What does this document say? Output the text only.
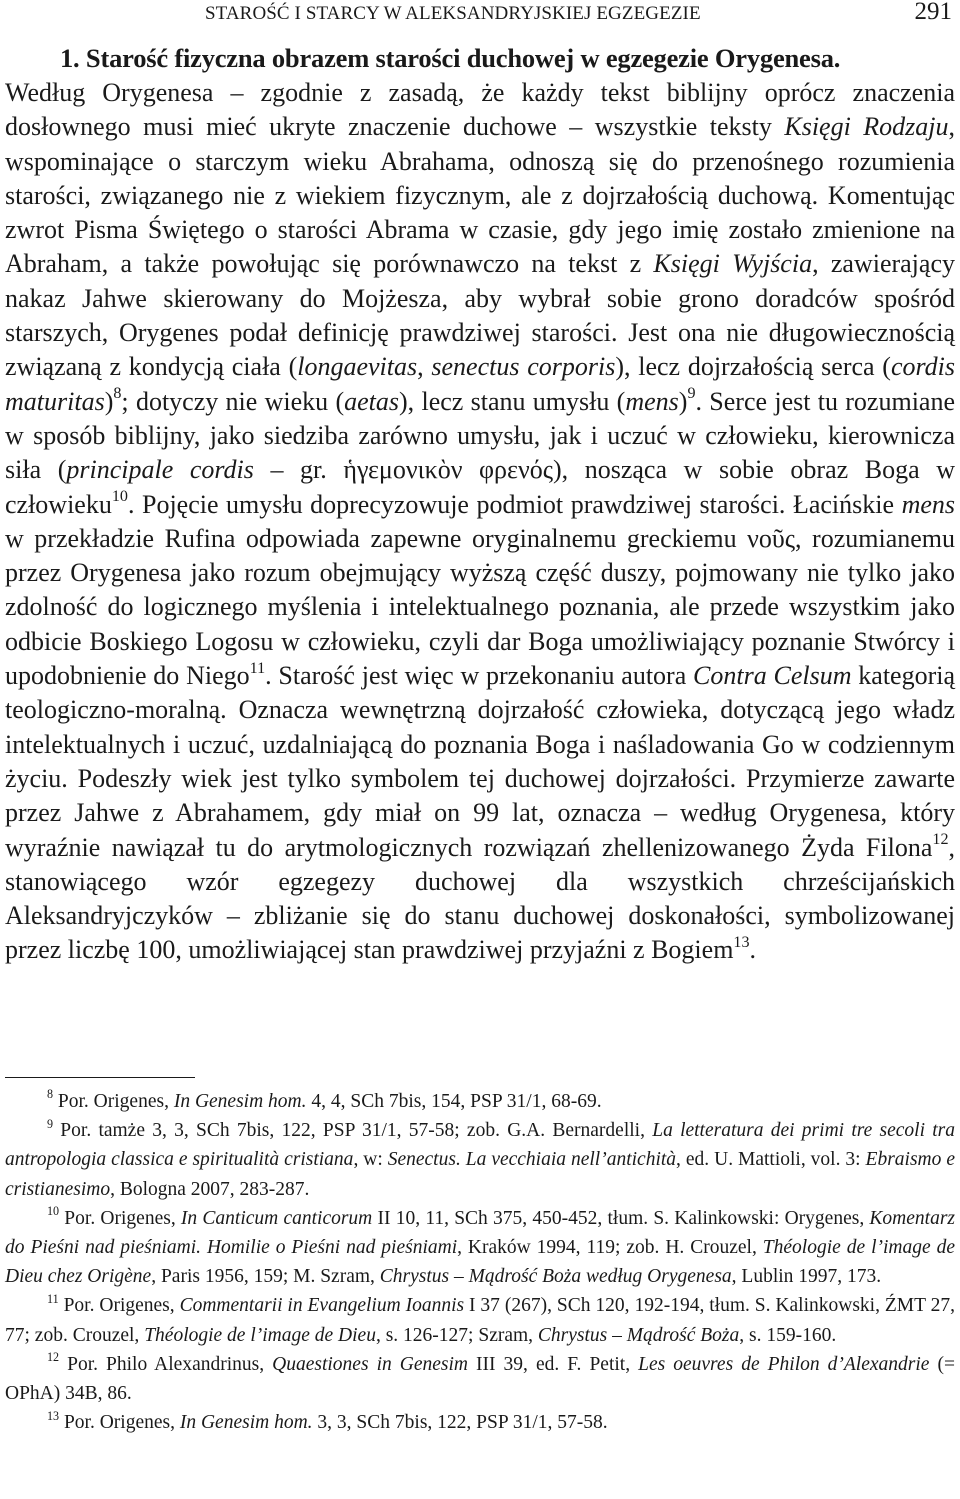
STAROŚĆ I STARCY W ALEKSANDRYJSKIEJ EGZEGEZIE	291
1. Starość fizyczna obrazem starości duchowej w egzegezie Orygenesa.

Według Orygenesa – zgodnie z zasadą, że każdy tekst biblijny oprócz znaczenia dosłownego musi mieć ukryte znaczenie duchowe – wszystkie teksty Księgi Rodzaju, wspominające o starczym wieku Abrahama, odnoszą się do przenośnego rozumienia starości, związanego nie z wiekiem fizycznym, ale z dojrzałością duchową. Komentując zwrot Pisma Świętego o starości Abrama w czasie, gdy jego imię zostało zmienione na Abraham, a także powołując się porównawczo na tekst z Księgi Wyjścia, zawierający nakaz Jahwe skierowany do Mojżesza, aby wybrał sobie grono doradców spośród starszych, Orygenes podał definicję prawdziwej starości. Jest ona nie długowiecznością związaną z kondycją ciała (longaevitas, senectus corporis), lecz dojrzałością serca (cordis maturitas)$^8$; dotyczy nie wieku (aetas), lecz stanu umysłu (mens)$^9$. Serce jest tu rozumiane w sposób biblijny, jako siedziba zarówno umysłu, jak i uczuć w człowieku, kierownicza siła (principale cordis – gr. ἡγεμονικὸν φρενός), nosząca w sobie obraz Boga w człowieku$^{10}$. Pojęcie umysłu doprecyzowuje podmiot prawdziwej starości. Łacińskie mens w przekładzie Rufina odpowiada zapewne oryginalnemu greckiemu νοῦς, rozumianemu przez Orygenesa jako rozum obejmujący wyższą część duszy, pojmowany nie tylko jako zdolność do logicznego myślenia i intelektualnego poznania, ale przede wszystkim jako odbicie Boskiego Logosu w człowieku, czyli dar Boga umożliwiający poznanie Stwórcy i upodobnienie do Niego$^{11}$. Starość jest więc w przekonaniu autora Contra Celsum kategorią teologiczno-moralną. Oznacza wewnętrzną dojrzałość człowieka, dotyczącą jego władz intelektualnych i uczuć, uzdalniającą do poznania Boga i naśladowania Go w codziennym życiu. Podeszły wiek jest tylko symbolem tej duchowej dojrzałości. Przymierze zawarte przez Jahwe z Abrahamem, gdy miał on 99 lat, oznacza – według Orygenesa, który wyraźnie nawiązał tu do arytmologicznych rozwiązań zhellenizowanego Żyda Filona$^{12}$, stanowiącego wzór egzegezy duchowej dla wszystkich chrześcijańskich Aleksandryjczyków – zbliżanie się do stanu duchowej doskonałości, symbolizowanej przez liczbę 100, umożliwiającej stan prawdziwej przyjaźni z Bogiem$^{13}$.

$^8$ Por. Origenes, In Genesim hom. 4, 4, SCh 7bis, 154, PSP 31/1, 68-69.

$^9$ Por. tamże 3, 3, SCh 7bis, 122, PSP 31/1, 57-58; zob. G.A. Bernardelli, La letteratura dei primi tre secoli tra antropologia classica e spiritualità cristiana, w: Senectus. La vecchiaia nell’antichità, ed. U. Mattioli, vol. 3: Ebraismo e cristianesimo, Bologna 2007, 283-287.

$^{10}$ Por. Origenes, In Canticum canticorum II 10, 11, SCh 375, 450-452, tłum. S. Kalinkowski: Orygenes, Komentarz do Pieśni nad pieśniami. Homilie o Pieśni nad pieśniami, Kraków 1994, 119; zob. H. Crouzel, Théologie de l’image de Dieu chez Origène, Paris 1956, 159; M. Szram, Chrystus – Mądrość Boża według Orygenesa, Lublin 1997, 173.

$^{11}$ Por. Origenes, Commentarii in Evangelium Ioannis I 37 (267), SCh 120, 192-194, tłum. S. Kalinkowski, ŹMT 27, 77; zob. Crouzel, Théologie de l’image de Dieu, s. 126-127; Szram, Chrystus – Mądrość Boża, s. 159-160.

$^{12}$ Por. Philo Alexandrinus, Quaestiones in Genesim III 39, ed. F. Petit, Les oeuvres de Philon d’Alexandrie (= OPhA) 34B, 86.

$^{13}$ Por. Origenes, In Genesim hom. 3, 3, SCh 7bis, 122, PSP 31/1, 57-58.
